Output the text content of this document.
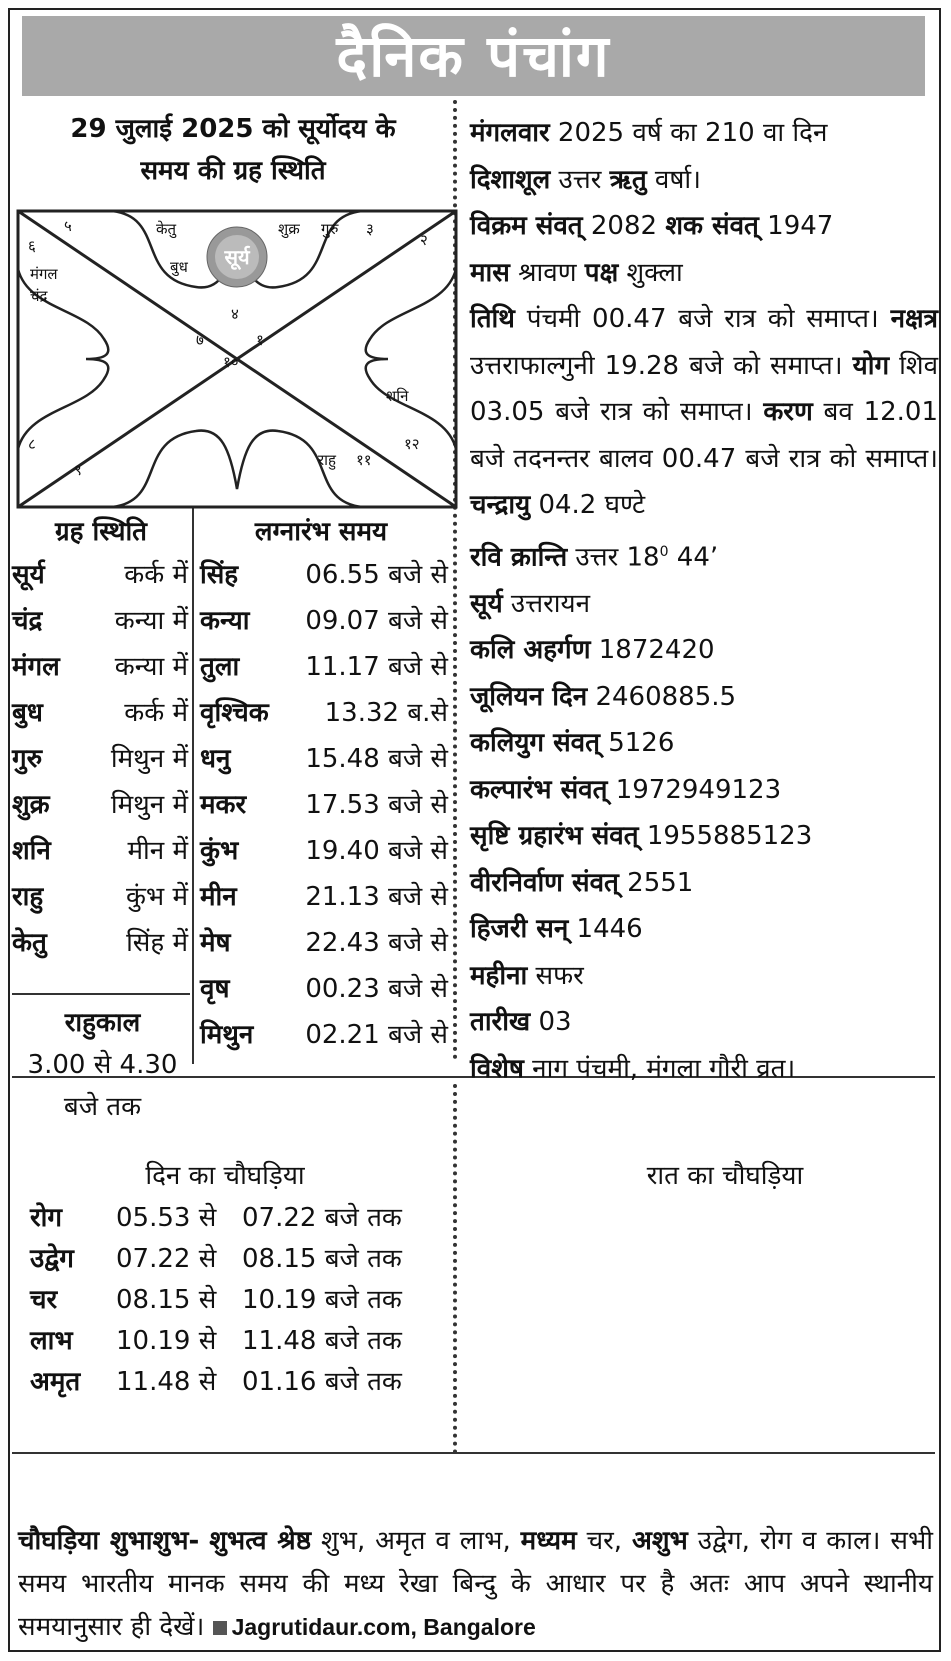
दैनिक पंचांग
29 जुलाई 2025 को सूर्योदय के
समय की ग्रह स्थिति
सूर्य
बुध
केतु	शुक्र गुरु
मंगल
चंद्र
शनि
राहु
५
६
३
२
४
७	१
१०
८
९
१२
११
मंगलवार 2025 वर्ष का 210 वा दिन
दिशाशूल उत्तर ऋतु वर्षा।
विक्रम संवत् 2082 शक संवत् 1947
मास श्रावण पक्ष शुक्ला
तिथि पंचमी 00.47 बजे रात्र को समाप्त। नक्षत्र उत्तराफाल्गुनी 19.28 बजे को समाप्त। योग शिव 03.05 बजे रात्र को समाप्त। करण बव 12.01 बजे तदनन्तर बालव 00.47 बजे रात्र को समाप्त। चन्द्रायु 04.2 घण्टे
रवि क्रान्ति उत्तर $18^0$ 44’
सूर्य उत्तरायन
कलि अहर्गण 1872420
जूलियन दिन 2460885.5
कलियुग संवत् 5126
कल्पारंभ संवत् 1972949123
सृष्टि ग्रहारंभ संवत् 1955885123
वीरनिर्वाण संवत् 2551
हिजरी सन् 1446
महीना सफर
तारीख 03
विशेष नाग पंचमी, मंगला गौरी व्रत।
ग्रह स्थिति
सूर्य	कर्क में
चंद्र	कन्या में
मंगल कन्या में
बुध	कर्क में
गुरु	मिथुन में
शुक्र मिथुन में
शनि	मीन में
राहु	कुंभ में
केतु	सिंह में
राहुकाल
3.00 से 4.30
बजे तक
लग्नारंभ समय
सिंह	06.55 बजे से
कन्या 09.07 बजे से
तुला	11.17 बजे से
वृश्चिक 13.32 ब.से
धनु	15.48 बजे से
मकर 17.53 बजे से
कुंभ	19.40 बजे से
मीन	21.13 बजे से
मेष	22.43 बजे से
वृष	00.23 बजे से
मिथुन 02.21 बजे से
दिन का चौघड़िया
रोग 05.53 से 07.22 बजे तक
उद्वेग 07.22 से 08.15 बजे तक
चर 08.15 से 10.19 बजे तक
लाभ 10.19 से 11.48 बजे तक
अमृत 11.48 से 01.16 बजे तक
रात का चौघड़िया
चौघड़िया शुभाशुभ- शुभत्व श्रेष्ठ शुभ, अमृत व लाभ, मध्यम चर, अशुभ उद्वेग, रोग व काल। सभी समय भारतीय मानक समय की मध्य रेखा बिन्दु के आधार पर है अतः आप अपने स्थानीय समयानुसार ही देखें। Jagrutidaur.com, Bangalore
